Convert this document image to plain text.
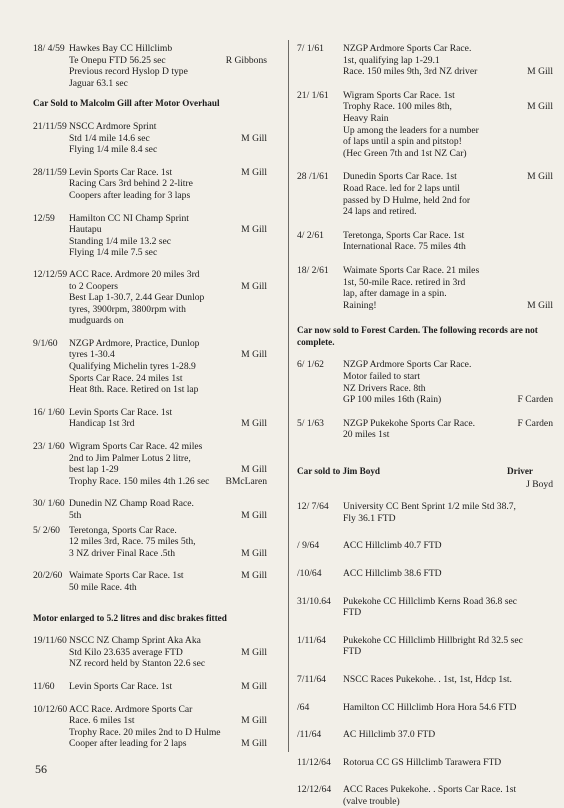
18/ 4/59 Hawkes Bay CC Hillclimb
Te Onepu FTD 56.25 sec	R Gibbons
Previous record Hyslop D type
Jaguar 63.1 sec
Car Sold to Malcolm Gill after Motor Overhaul
21/11/59 NSCC Ardmore Sprint
Std 1/4 mile 14.6 sec	M Gill
Flying 1/4 mile 8.4 sec
28/11/59 Levin Sports Car Race. 1st	M Gill
Racing Cars 3rd behind 2 2-litre
Coopers after leading for 3 laps
12/59 Hamilton CC NI Champ Sprint
Hautapu	M Gill
Standing 1/4 mile 13.2 sec
Flying 1/4 mile 7.5 sec
12/12/59 ACC Race. Ardmore 20 miles 3rd
to 2 Coopers	M Gill
Best Lap 1-30.7, 2.44 Gear Dunlop
tyres, 3900rpm, 3800rpm with
mudguards on
9/1/60 NZGP Ardmore, Practice, Dunlop
tyres 1-30.4	M Gill
Qualifying Michelin tyres 1-28.9
Sports Car Race. 24 miles 1st
Heat 8th. Race. Retired on 1st lap
16/ 1/60 Levin Sports Car Race. 1st
Handicap 1st 3rd	M Gill
23/ 1/60 Wigram Sports Car Race. 42 miles
2nd to Jim Palmer Lotus 2 litre,
best lap 1-29	M Gill
Trophy Race. 150 miles 4th 1.26 sec BMcLaren
30/ 1/60 Dunedin NZ Champ Road Race.
5th	M Gill
5/ 2/60 Teretonga, Sports Car Race.
12 miles 3rd, Race. 75 miles 5th,
3 NZ driver Final Race .5th	M Gill
20/2/60 Waimate Sports Car Race. 1st	M Gill
50 mile Race. 4th
Motor enlarged to 5.2 litres and disc brakes fitted
19/11/60 NSCC NZ Champ Sprint Aka Aka
Std Kilo 23.635 average FTD	M Gill
NZ record held by Stanton 22.6 sec
11/60 Levin Sports Car Race. 1st	M Gill
10/12/60 ACC Race. Ardmore Sports Car
Race. 6 miles 1st	M Gill
Trophy Race. 20 miles 2nd to D Hulme
Cooper after leading for 2 laps	M Gill
7/ 1/61 NZGP Ardmore Sports Car Race.
1st, qualifying lap 1-29.1
Race. 150 miles 9th, 3rd NZ driver	M Gill
21/ 1/61 Wigram Sports Car Race. 1st
Trophy Race. 100 miles 8th,	M Gill
Heavy Rain
Up among the leaders for a number
of laps until a spin and pitstop!
(Hec Green 7th and 1st NZ Car)
28 /1/61 Dunedin Sports Car Race. 1st	M Gill
Road Race. led for 2 laps until
passed by D Hulme, held 2nd for
24 laps and retired.
4/ 2/61 Teretonga, Sports Car Race. 1st
International Race. 75 miles 4th
18/ 2/61 Waimate Sports Car Race. 21 miles
1st, 50-mile Race. retired in 3rd
lap, after damage in a spin.
Raining!	M Gill
Car now sold to Forest Carden. The following records are not complete.
6/ 1/62 NZGP Ardmore Sports Car Race.
Motor failed to start
NZ Drivers Race. 8th
GP 100 miles 16th (Rain)	F Carden
5/ 1/63 NZGP Pukekohe Sports Car Race.	F Carden
20 miles 1st
Car sold to Jim Boyd	Driver
J Boyd
12/ 7/64 University CC Bent Sprint 1/2 mile Std 38.7,
Fly 36.1 FTD
/ 9/64 ACC Hillclimb 40.7 FTD
/10/64 ACC Hillclimb 38.6 FTD
31/10.64 Pukekohe CC Hillclimb Kerns Road 36.8 sec
FTD
1/11/64 Pukekohe CC Hillclimb Hillbright Rd 32.5 sec
FTD
7/11/64 NSCC Races Pukekohe. . 1st, 1st, Hdcp 1st.
/64	Hamilton CC Hillclimb Hora Hora 54.6 FTD
/11/64 AC Hillclimb 37.0 FTD
11/12/64 Rotorua CC GS Hillclimb Tarawera FTD
12/12/64 ACC Races Pukekohe. . Sports Car Race. 1st
(valve trouble)
56
